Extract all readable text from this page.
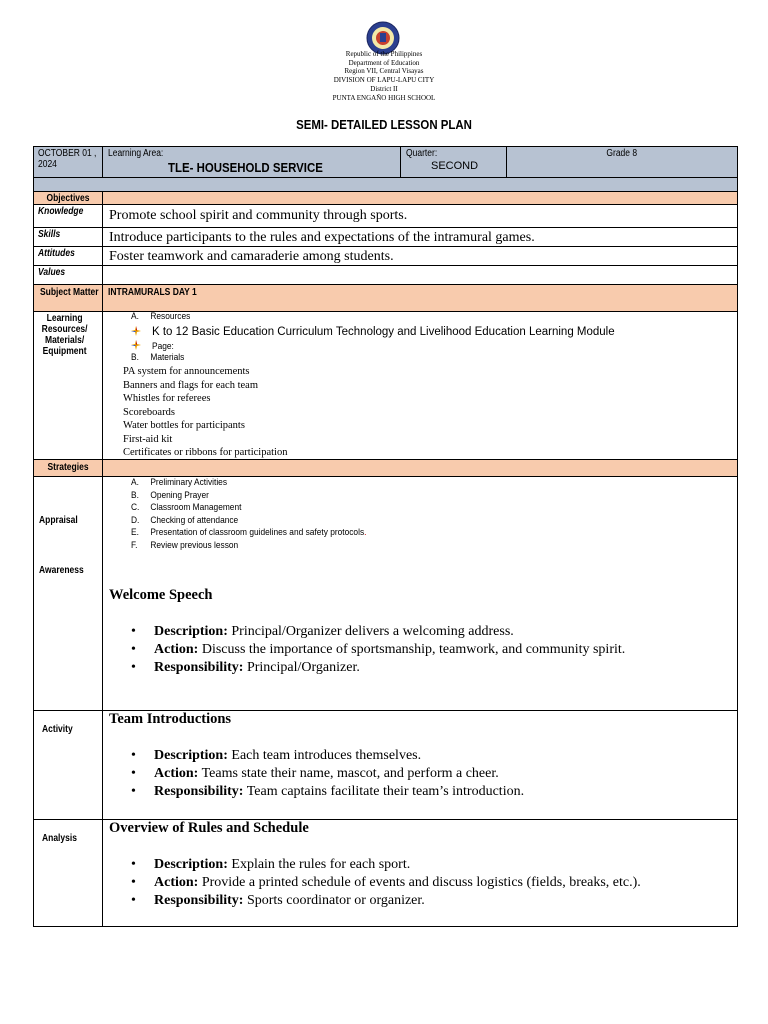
Republic of the Philippines
Department of Education
Region VII, Central Visayas
DIVISION OF LAPU-LAPU CITY
District II
PUNTA ENGAÑO HIGH SCHOOL
SEMI- DETAILED LESSON PLAN
OCTOBER 01 , 2024
Learning Area:
TLE- HOUSEHOLD SERVICE
Quarter:
SECOND
Grade 8
Objectives
Knowledge Promote school spirit and community through sports.
Skills	Introduce participants to the rules and expectations of the intramural games.
Attitudes Foster teamwork and camaraderie among students.
Values
Subject Matter INTRAMURALS DAY 1
Learning Resources/ Materials/ Equipment
A. Resources
K to 12 Basic Education Curriculum Technology and Livelihood Education Learning Module
Page:
B. Materials
PA system for announcements
Banners and flags for each team
Whistles for referees
Scoreboards
Water bottles for participants
First-aid kit
Certificates or ribbons for participation
Strategies
Appraisal
Awareness
A. Preliminary Activities
B. Opening Prayer
C. Classroom Management
D. Checking of attendance
E. Presentation of classroom guidelines and safety protocols.
F. Review previous lesson
Welcome Speech
• Description: Principal/Organizer delivers a welcoming address.
• Action: Discuss the importance of sportsmanship, teamwork, and community spirit.
• Responsibility: Principal/Organizer.
Activity
Team Introductions
• Description: Each team introduces themselves.
• Action: Teams state their name, mascot, and perform a cheer.
• Responsibility: Team captains facilitate their team’s introduction.
Analysis
Overview of Rules and Schedule
• Description: Explain the rules for each sport.
• Action: Provide a printed schedule of events and discuss logistics (fields, breaks, etc.).
• Responsibility: Sports coordinator or organizer.
